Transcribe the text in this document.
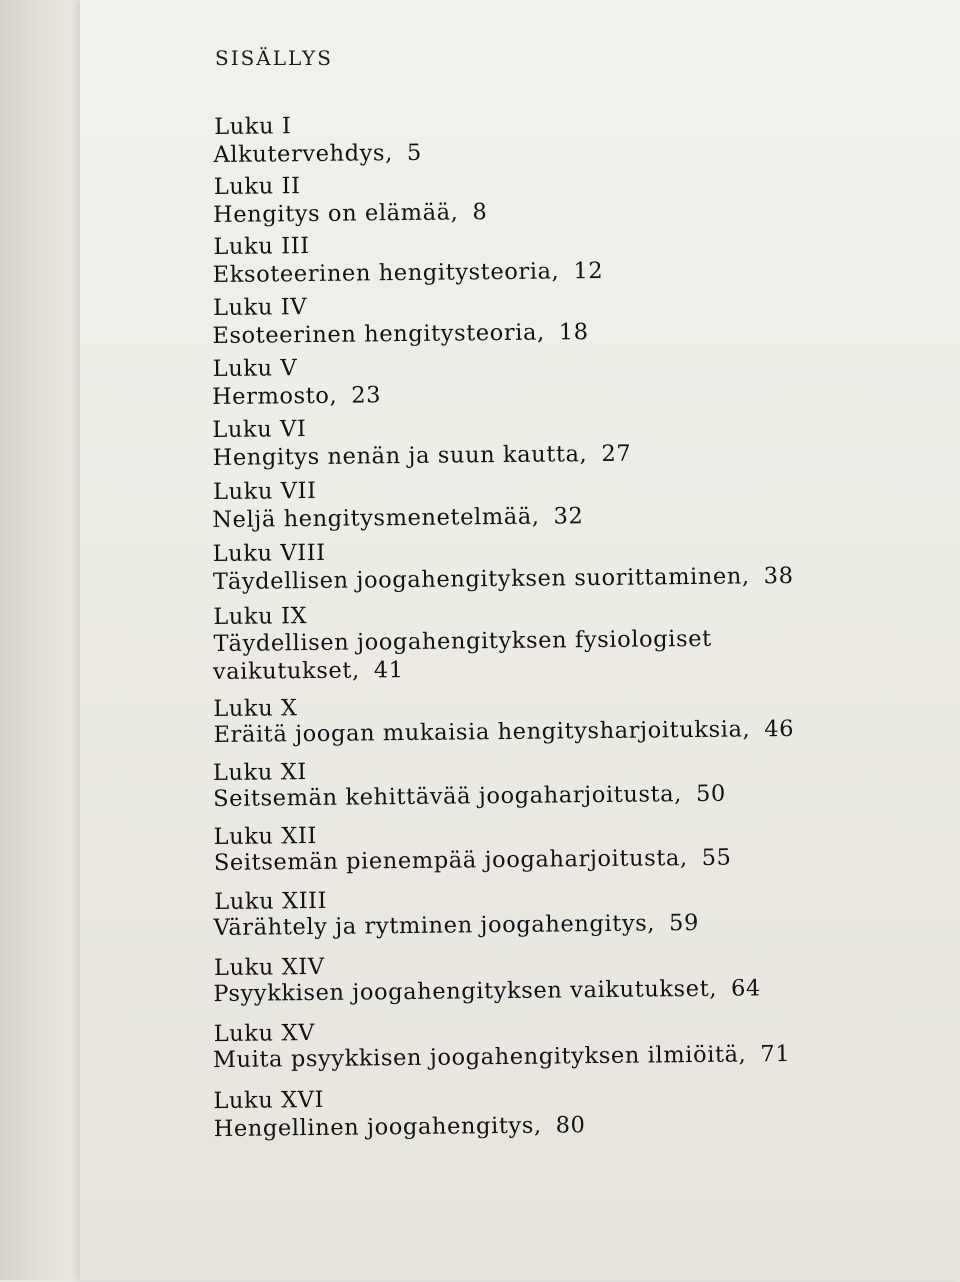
SISÄLLYS
Luku I
Alkutervehdys, 5
Luku II
Hengitys on elämää, 8
Luku III
Eksoteerinen hengitysteoria, 12
Luku IV
Esoteerinen hengitysteoria, 18
Luku V
Hermosto, 23
Luku VI
Hengitys nenän ja suun kautta, 27
Luku VII
Neljä hengitysmenetelmää, 32
Luku VIII
Täydellisen joogahengityksen suorittaminen, 38
Luku IX
Täydellisen joogahengityksen fysiologiset
vaikutukset, 41
Luku X
Eräitä joogan mukaisia hengitysharjoituksia, 46
Luku XI
Seitsemän kehittävää joogaharjoitusta, 50
Luku XII
Seitsemän pienempää joogaharjoitusta, 55
Luku XIII
Värähtely ja rytminen joogahengitys, 59
Luku XIV
Psyykkisen joogahengityksen vaikutukset, 64
Luku XV
Muita psyykkisen joogahengityksen ilmiöitä, 71
Luku XVI
Hengellinen joogahengitys, 80
